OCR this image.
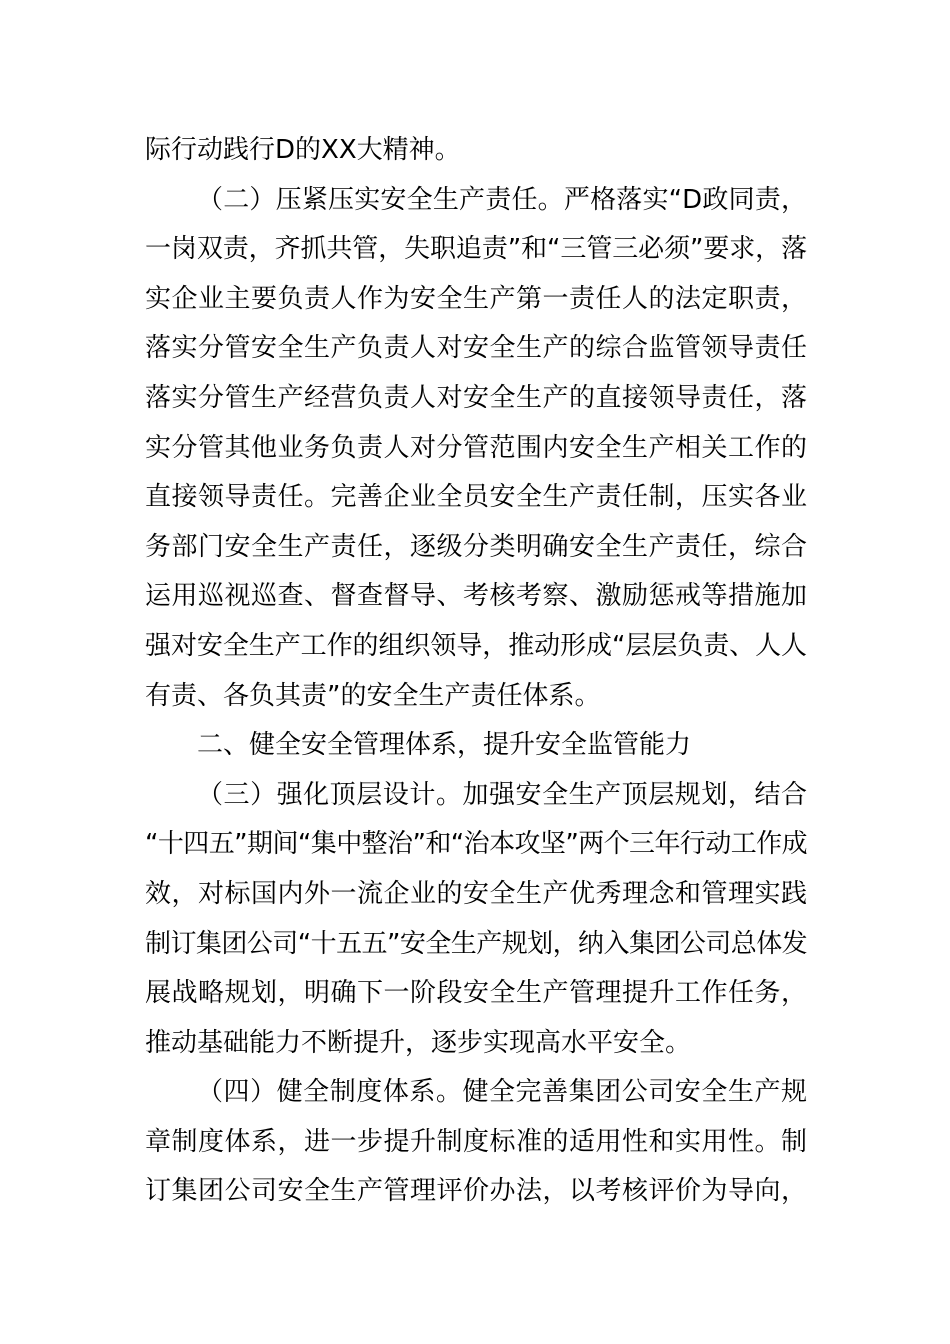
际行动践行D的XX大精神。
（二）压紧压实安全生产责任。严格落实“D政同责，
一岗双责，齐抓共管，失职追责”和“三管三必须”要求，落
实企业主要负责人作为安全生产第一责任人的法定职责，
落实分管安全生产负责人对安全生产的综合监管领导责任
落实分管生产经营负责人对安全生产的直接领导责任，落
实分管其他业务负责人对分管范围内安全生产相关工作的
直接领导责任。完善企业全员安全生产责任制，压实各业
务部门安全生产责任，逐级分类明确安全生产责任，综合
运用巡视巡查、督查督导、考核考察、激励惩戒等措施加
强对安全生产工作的组织领导，推动形成“层层负责、人人
有责、各负其责”的安全生产责任体系。
二、健全安全管理体系，提升安全监管能力
（三）强化顶层设计。加强安全生产顶层规划，结合
“十四五”期间“集中整治”和“治本攻坚”两个三年行动工作成
效，对标国内外一流企业的安全生产优秀理念和管理实践
制订集团公司“十五五”安全生产规划，纳入集团公司总体发
展战略规划，明确下一阶段安全生产管理提升工作任务，
推动基础能力不断提升，逐步实现高水平安全。
（四）健全制度体系。健全完善集团公司安全生产规
章制度体系，进一步提升制度标准的适用性和实用性。制
订集团公司安全生产管理评价办法，以考核评价为导向，
